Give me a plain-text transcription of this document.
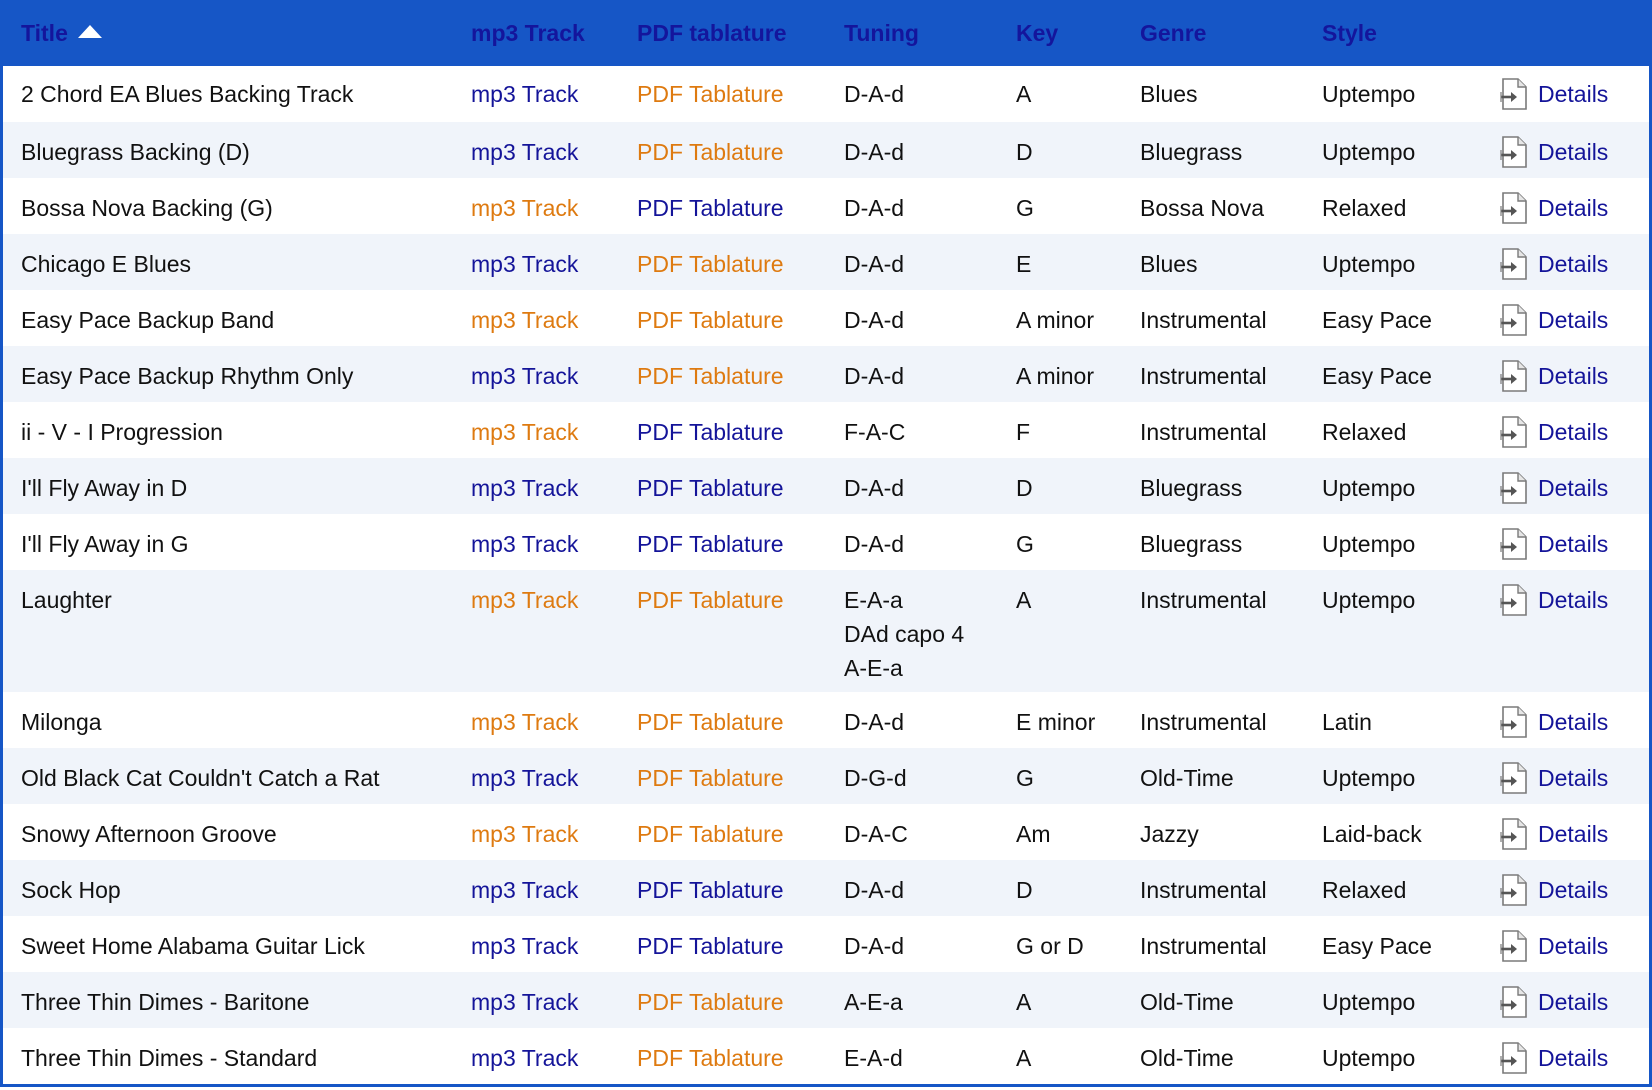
Title	mp3 Track	PDF tablature	Tuning	Key	Genre	Style	
2 Chord EA Blues Backing Track	mp3 Track	PDF Tablature	D-A-d	A	Blues	Uptempo	Details

Bluegrass Backing (D)	mp3 Track	PDF Tablature	D-A-d	D	Bluegrass	Uptempo	Details

Bossa Nova Backing (G)	mp3 Track	PDF Tablature	D-A-d	G	Bossa Nova	Relaxed	Details

Chicago E Blues	mp3 Track	PDF Tablature	D-A-d	E	Blues	Uptempo	Details

Easy Pace Backup Band	mp3 Track	PDF Tablature	D-A-d	A minor	Instrumental	Easy Pace	Details

Easy Pace Backup Rhythm Only	mp3 Track	PDF Tablature	D-A-d	A minor	Instrumental	Easy Pace	Details

ii - V - I Progression	mp3 Track	PDF Tablature	F-A-C	F	Instrumental	Relaxed	Details

I'll Fly Away in D	mp3 Track	PDF Tablature	D-A-d	D	Bluegrass	Uptempo	Details

I'll Fly Away in G	mp3 Track	PDF Tablature	D-A-d	G	Bluegrass	Uptempo	Details

Laughter	mp3 Track	PDF Tablature	E-A-a
DAd capo 4
A-E-a	A	Instrumental	Uptempo	Details

Milonga	mp3 Track	PDF Tablature	D-A-d	E minor	Instrumental	Latin	Details

Old Black Cat Couldn't Catch a Rat	mp3 Track	PDF Tablature	D-G-d	G	Old-Time	Uptempo	Details

Snowy Afternoon Groove	mp3 Track	PDF Tablature	D-A-C	Am	Jazzy	Laid-back	Details

Sock Hop	mp3 Track	PDF Tablature	D-A-d	D	Instrumental	Relaxed	Details

Sweet Home Alabama Guitar Lick	mp3 Track	PDF Tablature	D-A-d	G or D	Instrumental	Easy Pace	Details

Three Thin Dimes - Baritone	mp3 Track	PDF Tablature	A-E-a	A	Old-Time	Uptempo	Details

Three Thin Dimes - Standard	mp3 Track	PDF Tablature	E-A-d	A	Old-Time	Uptempo	Details
